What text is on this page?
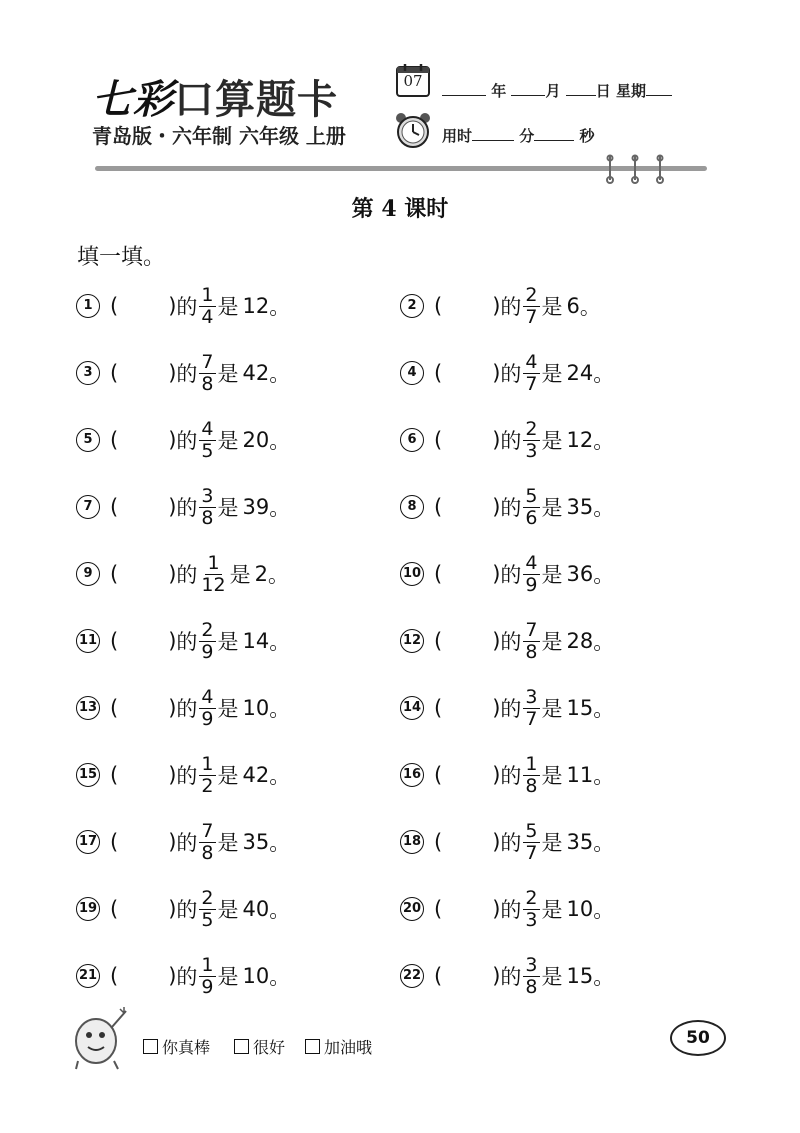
七彩口算题卡
青岛版・六年制 六年级 上册
07
年	月 日 星期
用时	分	秒
第 4 课时
填一填。
1 ( ) 的 $\frac{1}{4}$ 是 12 。	2 ( ) 的 $\frac{2}{7}$ 是 6 。
3 ( ) 的 $\frac{7}{8}$ 是 42 。	4 ( ) 的 $\frac{4}{7}$ 是 24 。
5 ( ) 的 $\frac{4}{5}$ 是 20 。	6 ( ) 的 $\frac{2}{3}$ 是 12 。
7 ( ) 的 $\frac{3}{8}$ 是 39 。	8 ( ) 的 $\frac{5}{6}$ 是 35 。
9 ( ) 的 $\frac{1}{12}$ 是 2 。	10 ( ) 的 $\frac{4}{9}$ 是 36 。
11 ( ) 的 $\frac{2}{9}$ 是 14 。	12 ( ) 的 $\frac{7}{8}$ 是 28 。
13 ( ) 的 $\frac{4}{9}$ 是 10 。	14 ( ) 的 $\frac{3}{7}$ 是 15 。
15 ( ) 的 $\frac{1}{2}$ 是 42 。	16 ( ) 的 $\frac{1}{8}$ 是 11 。
17 ( ) 的 $\frac{7}{8}$ 是 35 。	18 ( ) 的 $\frac{5}{7}$ 是 35 。
19 ( ) 的 $\frac{2}{5}$ 是 40 。	20 ( ) 的 $\frac{2}{3}$ 是 10 。
21 ( ) 的 $\frac{1}{9}$ 是 10 。	22 ( ) 的 $\frac{3}{8}$ 是 15 。
你真棒	很好 加油哦	50
